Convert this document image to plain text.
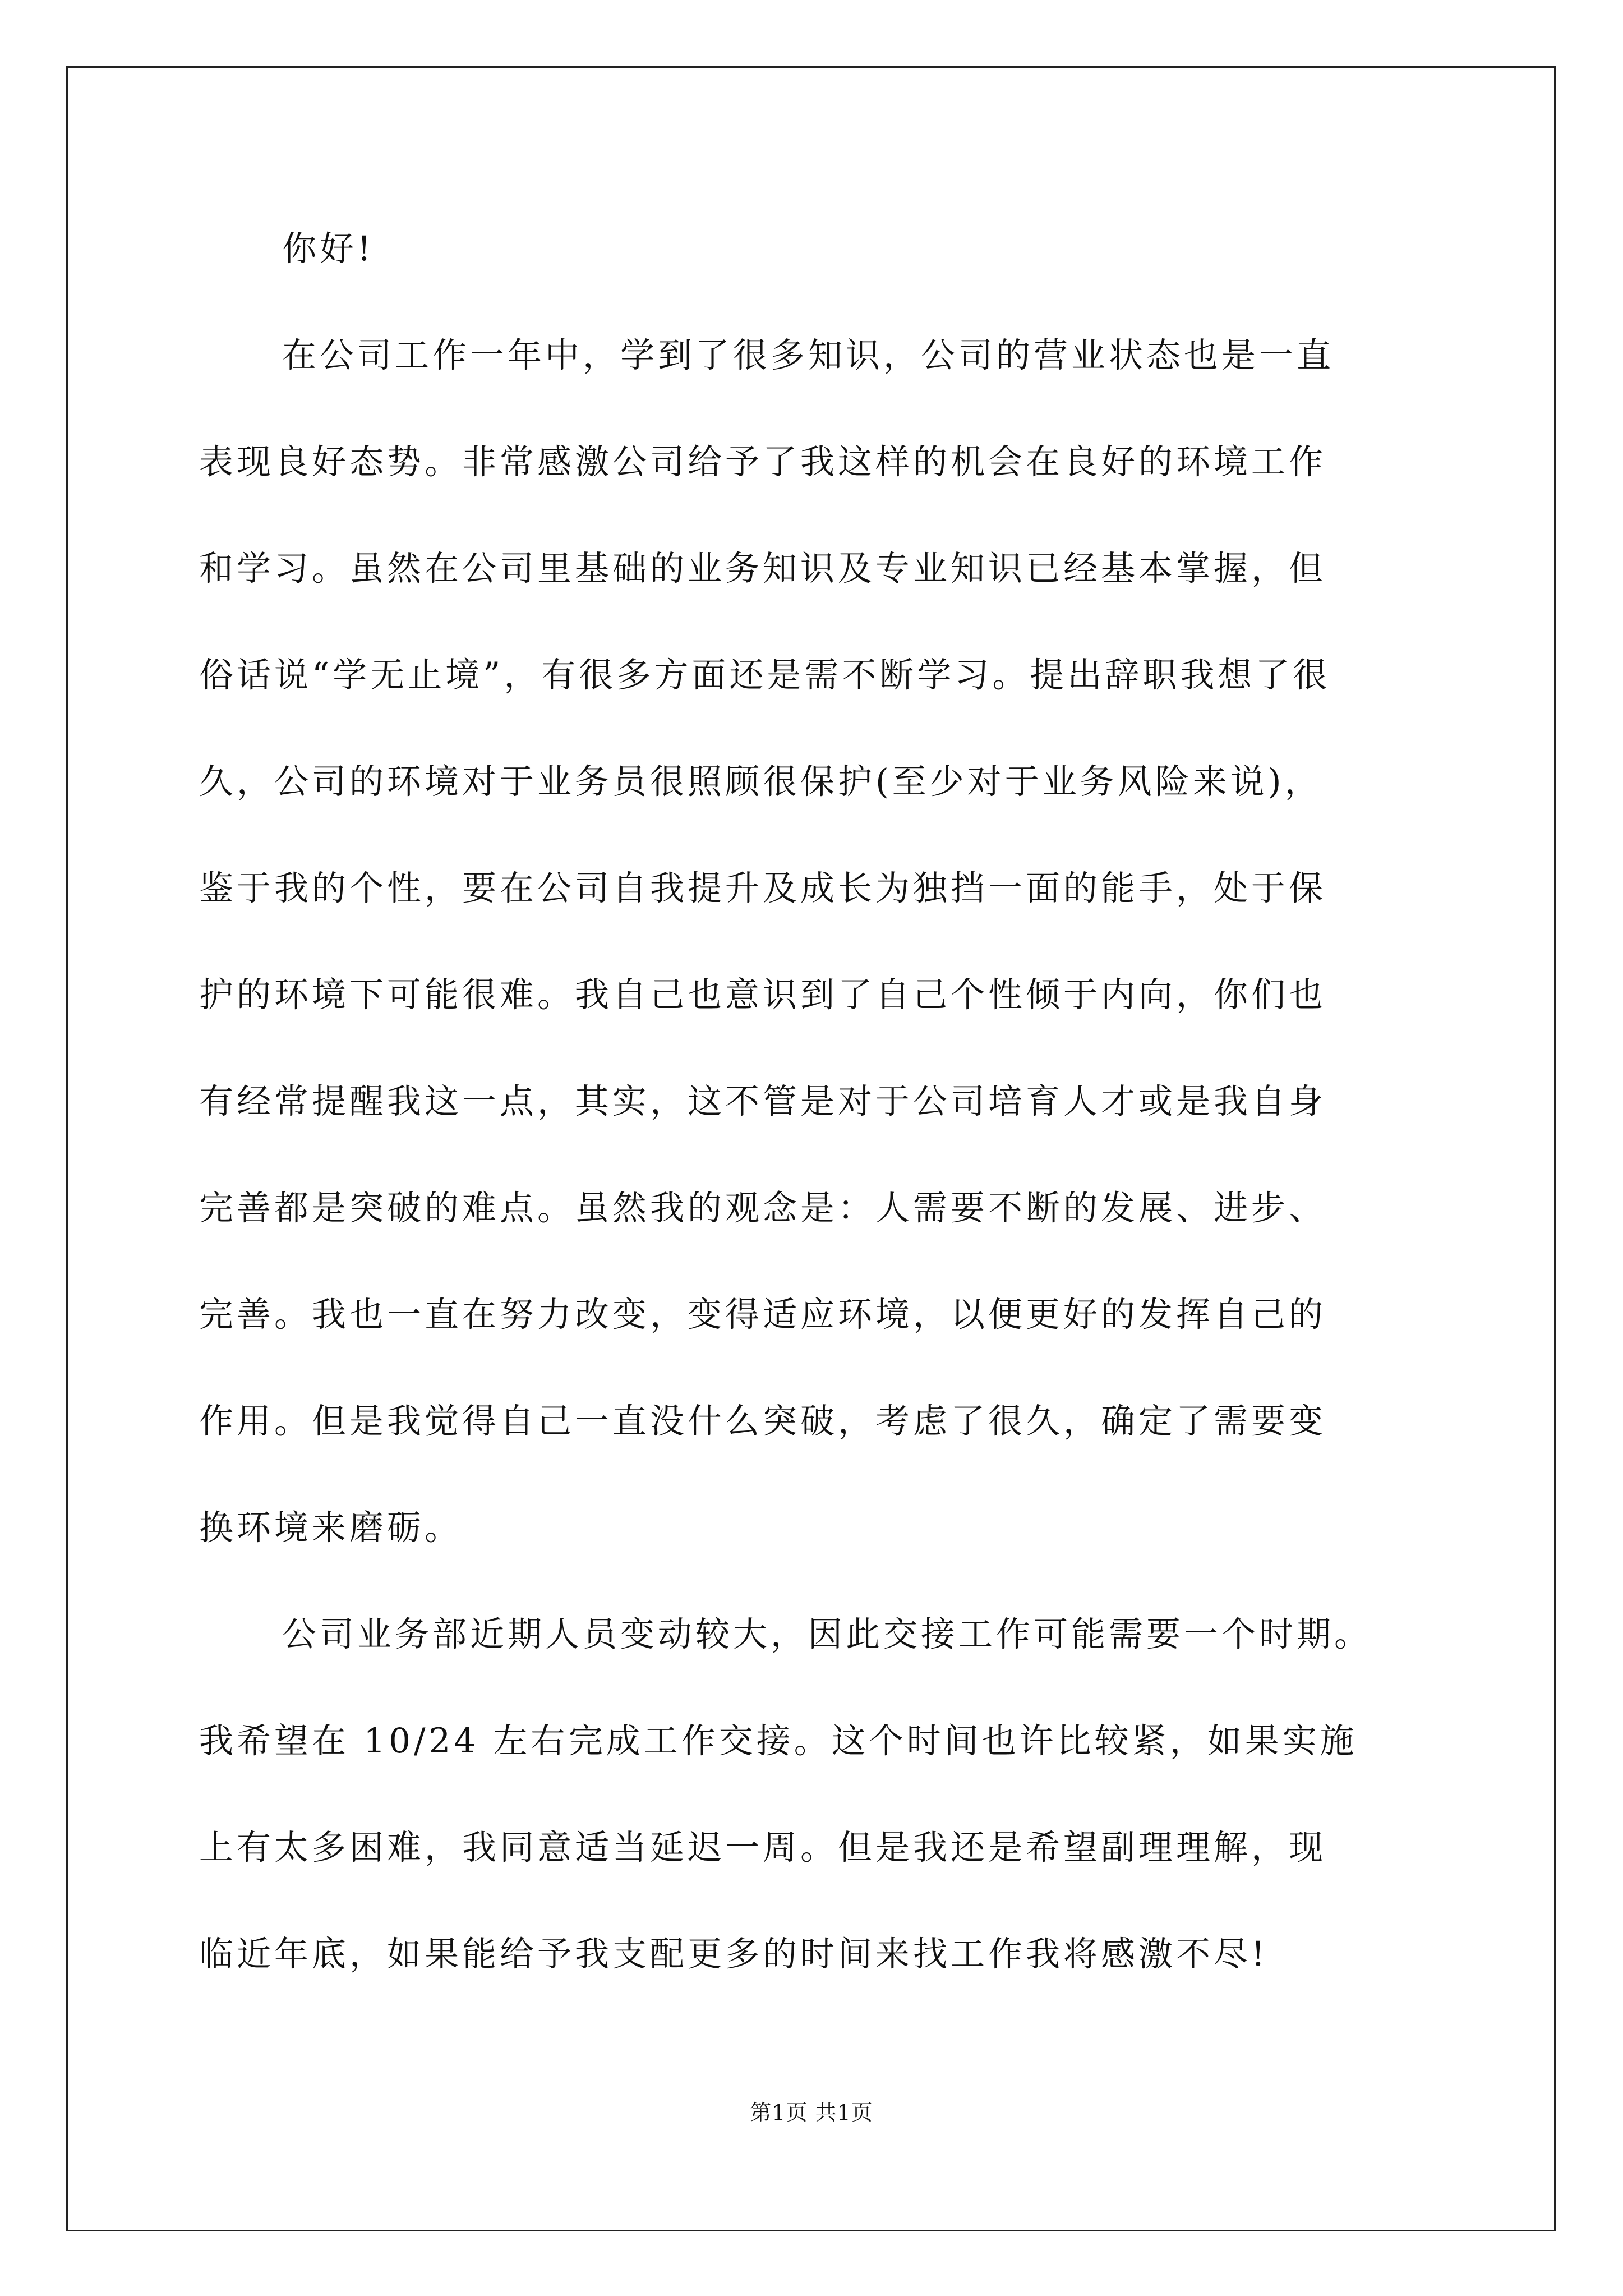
你好!
在公司工作一年中，学到了很多知识，公司的营业状态也是一直
表现良好态势。非常感激公司给予了我这样的机会在良好的环境工作
和学习。虽然在公司里基础的业务知识及专业知识已经基本掌握，但
俗话说“学无止境”，有很多方面还是需不断学习。提出辞职我想了很
久，公司的环境对于业务员很照顾很保护(至少对于业务风险来说)，
鉴于我的个性，要在公司自我提升及成长为独挡一面的能手，处于保
护的环境下可能很难。我自己也意识到了自己个性倾于内向，你们也
有经常提醒我这一点，其实，这不管是对于公司培育人才或是我自身
完善都是突破的难点。虽然我的观念是：人需要不断的发展、进步、
完善。我也一直在努力改变，变得适应环境，以便更好的发挥自己的
作用。但是我觉得自己一直没什么突破，考虑了很久，确定了需要变
换环境来磨砺。
公司业务部近期人员变动较大，因此交接工作可能需要一个时期。
我希望在 10/24 左右完成工作交接。这个时间也许比较紧，如果实施
上有太多困难，我同意适当延迟一周。但是我还是希望副理理解，现
临近年底，如果能给予我支配更多的时间来找工作我将感激不尽!
第1页 共1页
